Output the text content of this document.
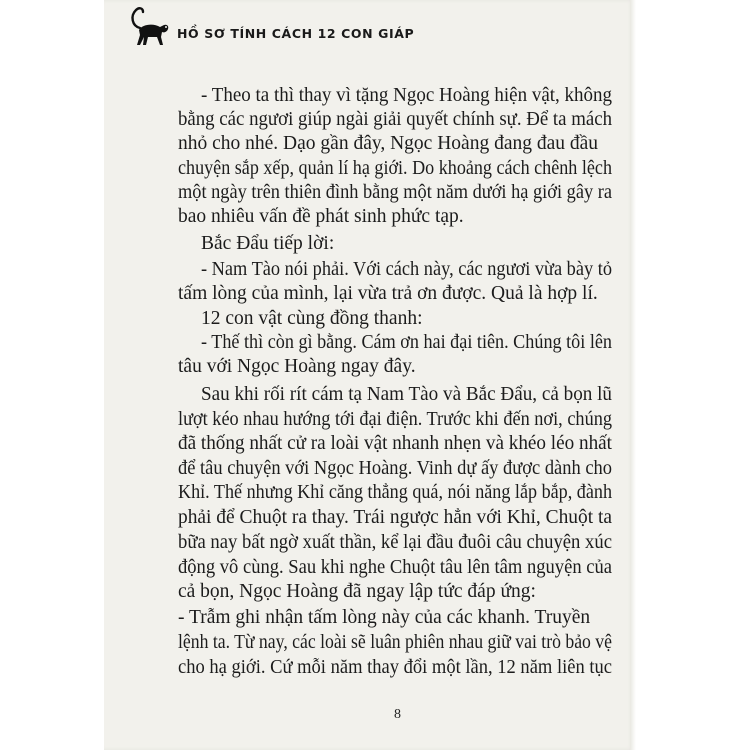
HỒ SƠ TÍNH CÁCH 12 CON GIÁP
- Theo ta thì thay vì tặng Ngọc Hoàng hiện vật, không
bằng các ngươi giúp ngài giải quyết chính sự. Để ta mách
nhỏ cho nhé. Dạo gần đây, Ngọc Hoàng đang đau đầu
chuyện sắp xếp, quản lí hạ giới. Do khoảng cách chênh lệch
một ngày trên thiên đình bằng một năm dưới hạ giới gây ra
bao nhiêu vấn đề phát sinh phức tạp.
Bắc Đẩu tiếp lời:
- Nam Tào nói phải. Với cách này, các ngươi vừa bày tỏ
tấm lòng của mình, lại vừa trả ơn được. Quả là hợp lí.
12 con vật cùng đồng thanh:
- Thế thì còn gì bằng. Cám ơn hai đại tiên. Chúng tôi lên
tâu với Ngọc Hoàng ngay đây.
Sau khi rối rít cám tạ Nam Tào và Bắc Đẩu, cả bọn lũ
lượt kéo nhau hướng tới đại điện. Trước khi đến nơi, chúng
đã thống nhất cử ra loài vật nhanh nhẹn và khéo léo nhất
để tâu chuyện với Ngọc Hoàng. Vinh dự ấy được dành cho
Khỉ. Thế nhưng Khỉ căng thẳng quá, nói năng lắp bắp, đành
phải để Chuột ra thay. Trái ngược hẳn với Khỉ, Chuột ta
bữa nay bất ngờ xuất thần, kể lại đầu đuôi câu chuyện xúc
động vô cùng. Sau khi nghe Chuột tâu lên tâm nguyện của
cả bọn, Ngọc Hoàng đã ngay lập tức đáp ứng:
- Trẫm ghi nhận tấm lòng này của các khanh. Truyền
lệnh ta. Từ nay, các loài sẽ luân phiên nhau giữ vai trò bảo vệ
cho hạ giới. Cứ mỗi năm thay đổi một lần, 12 năm liên tục
8
